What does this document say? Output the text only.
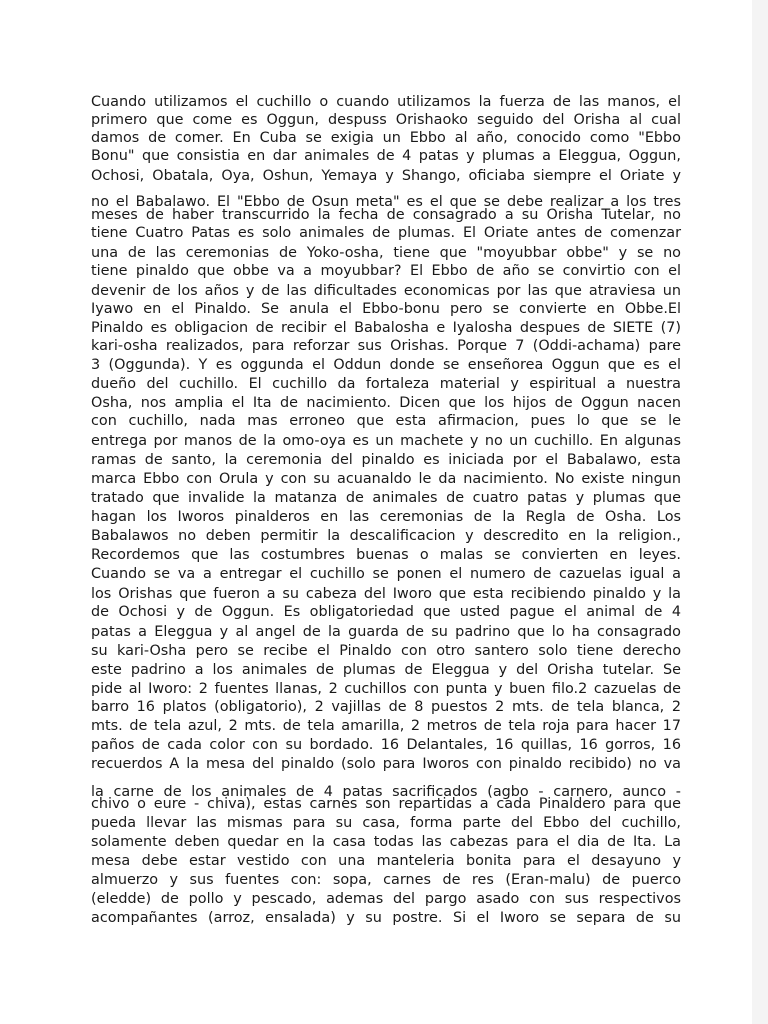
Cuando utilizamos el cuchillo o cuando utilizamos la fuerza de las manos, el

primero que come es Oggun, despuss Orishaoko seguido del Orisha al cual

damos de comer. En Cuba se exigia un Ebbo al año, conocido como "Ebbo

Bonu" que consistia en dar animales de 4 patas y plumas a Eleggua, Oggun,

Ochosi, Obatala, Oya, Oshun, Yemaya y Shango, oficiaba siempre el Oriate y

no el Babalawo. El "Ebbo de Osun meta" es el que se debe realizar a los tres

meses de haber transcurrido la fecha de consagrado a su Orisha Tutelar, no

tiene Cuatro Patas es solo animales de plumas. El Oriate antes de comenzar

una de las ceremonias de Yoko-osha, tiene que "moyubbar obbe" y se no

tiene pinaldo que obbe va a moyubbar? El Ebbo de año se convirtio con el

devenir de los años y de las dificultades economicas por las que atraviesa un

Iyawo en el Pinaldo. Se anula el Ebbo-bonu pero se convierte en Obbe.El

Pinaldo es obligacion de recibir el Babalosha e Iyalosha despues de SIETE (7)

kari-osha realizados, para reforzar sus Orishas. Porque 7 (Oddi-achama) pare

3 (Oggunda). Y es oggunda el Oddun donde se enseñorea Oggun que es el

dueño del cuchillo. El cuchillo da fortaleza material y espiritual a nuestra

Osha, nos amplia el Ita de nacimiento. Dicen que los hijos de Oggun nacen

con cuchillo, nada mas erroneo que esta afirmacion, pues lo que se le

entrega por manos de la omo-oya es un machete y no un cuchillo. En algunas

ramas de santo, la ceremonia del pinaldo es iniciada por el Babalawo, esta

marca Ebbo con Orula y con su acuanaldo le da nacimiento. No existe ningun

tratado que invalide la matanza de animales de cuatro patas y plumas que

hagan los Iworos pinalderos en las ceremonias de la Regla de Osha. Los

Babalawos no deben permitir la descalificacion y descredito en la religion.,

Recordemos que las costumbres buenas o malas se convierten en leyes.

Cuando se va a entregar el cuchillo se ponen el numero de cazuelas igual a

los Orishas que fueron a su cabeza del Iworo que esta recibiendo pinaldo y la

de Ochosi y de Oggun. Es obligatoriedad que usted pague el animal de 4

patas a Eleggua y al angel de la guarda de su padrino que lo ha consagrado

su kari-Osha pero se recibe el Pinaldo con otro santero solo tiene derecho

este padrino a los animales de plumas de Eleggua y del Orisha tutelar. Se

pide al Iworo: 2 fuentes llanas, 2 cuchillos con punta y buen filo.2 cazuelas de

barro 16 platos (obligatorio), 2 vajillas de 8 puestos 2 mts. de tela blanca, 2

mts. de tela azul, 2 mts. de tela amarilla, 2 metros de tela roja para hacer 17

paños de cada color con su bordado. 16 Delantales, 16 quillas, 16 gorros, 16

recuerdos A la mesa del pinaldo (solo para Iworos con pinaldo recibido) no va

la carne de los animales de 4 patas sacrificados (agbo - carnero, aunco -

chivo o eure - chiva), estas carnes son repartidas a cada Pinaldero para que

pueda llevar las mismas para su casa, forma parte del Ebbo del cuchillo,

solamente deben quedar en la casa todas las cabezas para el dia de Ita. La

mesa debe estar vestido con una manteleria bonita para el desayuno y

almuerzo y sus fuentes con: sopa, carnes de res (Eran-malu) de puerco

(eledde) de pollo y pescado, ademas del pargo asado con sus respectivos

acompañantes (arroz, ensalada) y su postre. Si el Iworo se separa de su
